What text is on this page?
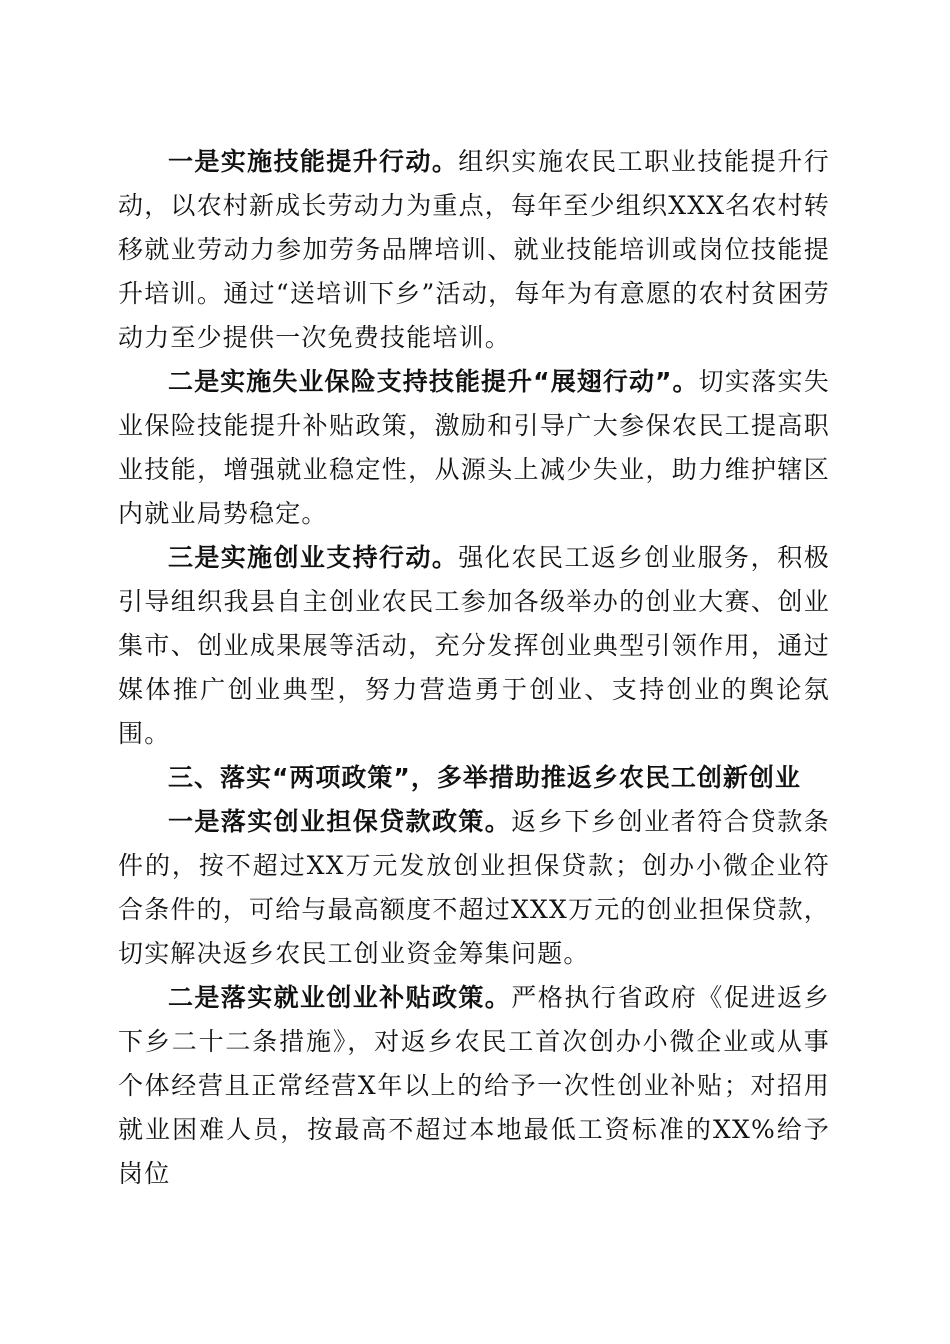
一是实施技能提升行动。组织实施农民工职业技能提升行动，以农村新成长劳动力为重点，每年至少组织XXX名农村转移就业劳动力参加劳务品牌培训、就业技能培训或岗位技能提升培训。通过“送培训下乡”活动，每年为有意愿的农村贫困劳动力至少提供一次免费技能培训。

二是实施失业保险支持技能提升“展翅行动”。切实落实失业保险技能提升补贴政策，激励和引导广大参保农民工提高职业技能，增强就业稳定性，从源头上减少失业，助力维护辖区内就业局势稳定。

三是实施创业支持行动。强化农民工返乡创业服务，积极引导组织我县自主创业农民工参加各级举办的创业大赛、创业集市、创业成果展等活动，充分发挥创业典型引领作用，通过媒体推广创业典型，努力营造勇于创业、支持创业的舆论氛围。

三、落实“两项政策”，多举措助推返乡农民工创新创业

一是落实创业担保贷款政策。返乡下乡创业者符合贷款条件的，按不超过XX万元发放创业担保贷款；创办小微企业符合条件的，可给与最高额度不超过XXX万元的创业担保贷款，切实解决返乡农民工创业资金筹集问题。

二是落实就业创业补贴政策。严格执行省政府《促进返乡下乡二十二条措施》，对返乡农民工首次创办小微企业或从事个体经营且正常经营X年以上的给予一次性创业补贴；对招用就业困难人员，按最高不超过本地最低工资标准的XX%给予岗位
